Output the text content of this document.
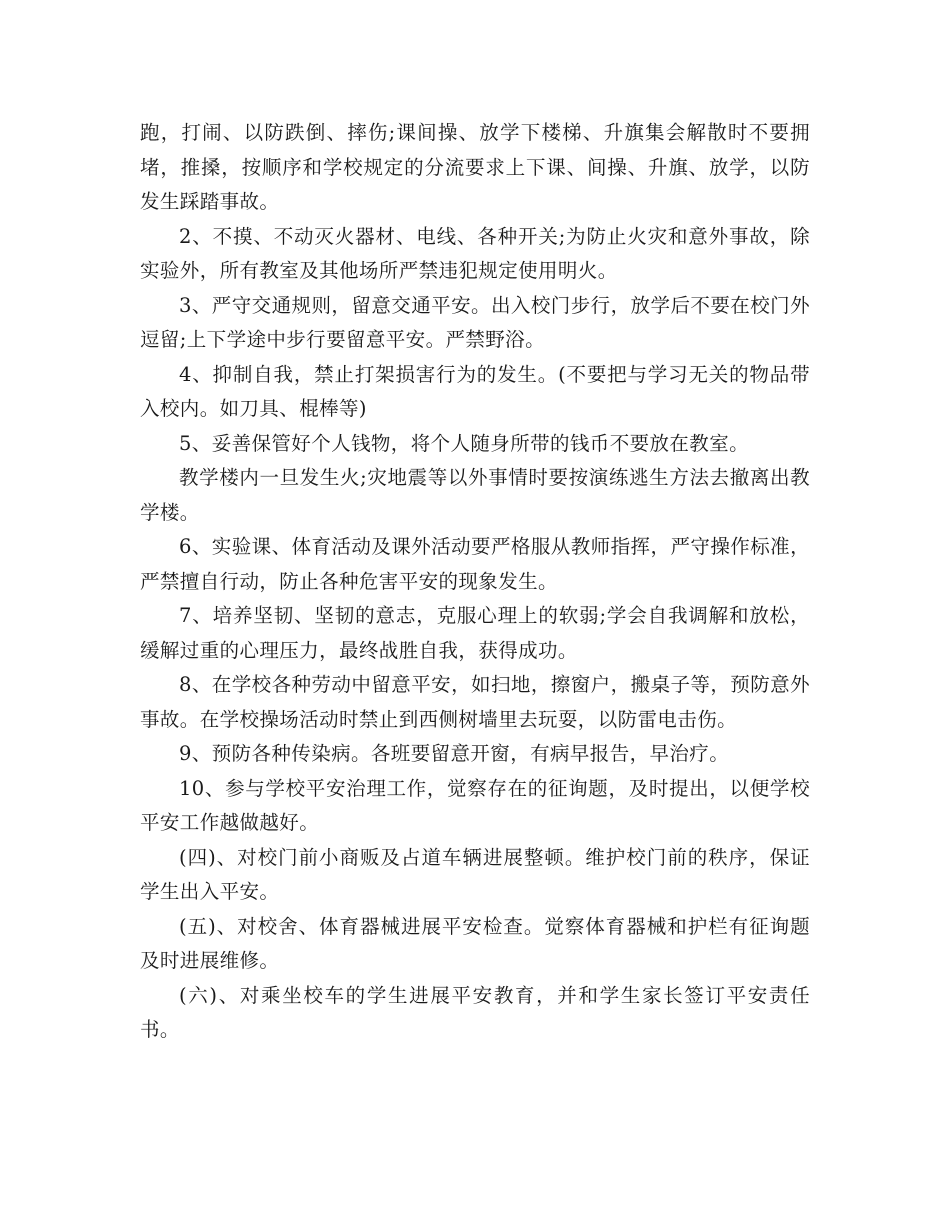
跑，打闹、以防跌倒、摔伤;课间操、放学下楼梯、升旗集会解散时不要拥堵，推搡，按顺序和学校规定的分流要求上下课、间操、升旗、放学，以防发生踩踏事故。

2、不摸、不动灭火器材、电线、各种开关;为防止火灾和意外事故，除实验外，所有教室及其他场所严禁违犯规定使用明火。

3、严守交通规则，留意交通平安。出入校门步行，放学后不要在校门外逗留;上下学途中步行要留意平安。严禁野浴。

4、抑制自我，禁止打架损害行为的发生。(不要把与学习无关的物品带入校内。如刀具、棍棒等)

5、妥善保管好个人钱物，将个人随身所带的钱币不要放在教室。

教学楼内一旦发生火;灾地震等以外事情时要按演练逃生方法去撤离出教学楼。

6、实验课、体育活动及课外活动要严格服从教师指挥，严守操作标准，严禁擅自行动，防止各种危害平安的现象发生。

7、培养坚韧、坚韧的意志，克服心理上的软弱;学会自我调解和放松，缓解过重的心理压力，最终战胜自我，获得成功。

8、在学校各种劳动中留意平安，如扫地，擦窗户，搬桌子等，预防意外事故。在学校操场活动时禁止到西侧树墙里去玩耍，以防雷电击伤。

9、预防各种传染病。各班要留意开窗，有病早报告，早治疗。

10、参与学校平安治理工作，觉察存在的征询题，及时提出，以便学校平安工作越做越好。

(四)、对校门前小商贩及占道车辆进展整顿。维护校门前的秩序，保证学生出入平安。

(五)、对校舍、体育器械进展平安检查。觉察体育器械和护栏有征询题及时进展维修。

(六)、对乘坐校车的学生进展平安教育，并和学生家长签订平安责任书。
